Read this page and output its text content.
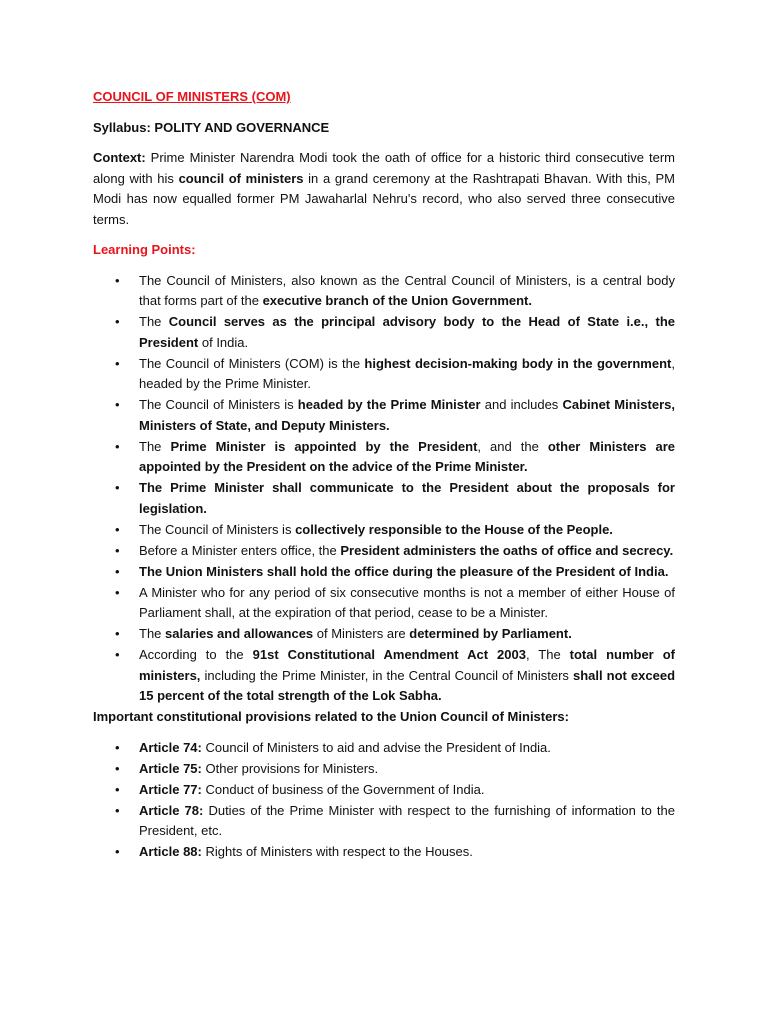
COUNCIL OF MINISTERS (COM)

Syllabus: POLITY AND GOVERNANCE

Context: Prime Minister Narendra Modi took the oath of office for a historic third consecutive term along with his council of ministers in a grand ceremony at the Rashtrapati Bhavan. With this, PM Modi has now equalled former PM Jawaharlal Nehru's record, who also served three consecutive terms.

Learning Points:

• The Council of Ministers, also known as the Central Council of Ministers, is a central body that forms part of the executive branch of the Union Government.
• The Council serves as the principal advisory body to the Head of State i.e., the President of India.
• The Council of Ministers (COM) is the highest decision-making body in the government, headed by the Prime Minister.
• The Council of Ministers is headed by the Prime Minister and includes Cabinet Ministers, Ministers of State, and Deputy Ministers.
• The Prime Minister is appointed by the President, and the other Ministers are appointed by the President on the advice of the Prime Minister.
• The Prime Minister shall communicate to the President about the proposals for legislation.
• The Council of Ministers is collectively responsible to the House of the People.
• Before a Minister enters office, the President administers the oaths of office and secrecy.
• The Union Ministers shall hold the office during the pleasure of the President of India.
• A Minister who for any period of six consecutive months is not a member of either House of Parliament shall, at the expiration of that period, cease to be a Minister.
• The salaries and allowances of Ministers are determined by Parliament.
• According to the 91st Constitutional Amendment Act 2003, The total number of ministers, including the Prime Minister, in the Central Council of Ministers shall not exceed 15 percent of the total strength of the Lok Sabha.

Important constitutional provisions related to the Union Council of Ministers:

• Article 74: Council of Ministers to aid and advise the President of India.
• Article 75: Other provisions for Ministers.
• Article 77: Conduct of business of the Government of India.
• Article 78: Duties of the Prime Minister with respect to the furnishing of information to the President, etc.
• Article 88: Rights of Ministers with respect to the Houses.
